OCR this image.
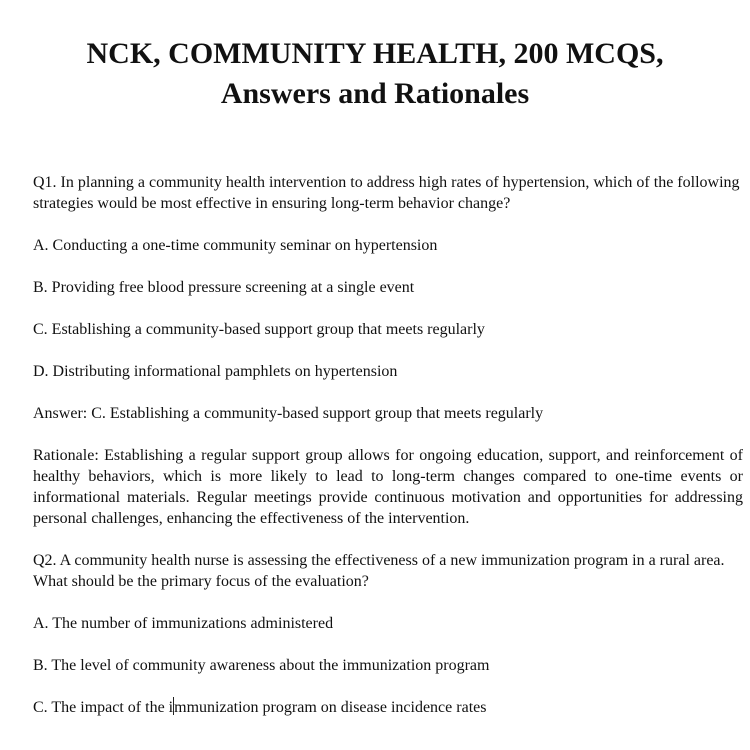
NCK, COMMUNITY HEALTH, 200 MCQS,
Answers and Rationales

Q1. In planning a community health intervention to address high rates of hypertension, which of the following strategies would be most effective in ensuring long-term behavior change?

A. Conducting a one-time community seminar on hypertension

B. Providing free blood pressure screening at a single event

C. Establishing a community-based support group that meets regularly

D. Distributing informational pamphlets on hypertension

Answer: C. Establishing a community-based support group that meets regularly

Rationale: Establishing a regular support group allows for ongoing education, support, and reinforcement of healthy behaviors, which is more likely to lead to long-term changes compared to one-time events or informational materials. Regular meetings provide continuous motivation and opportunities for addressing personal challenges, enhancing the effectiveness of the intervention.

Q2. A community health nurse is assessing the effectiveness of a new immunization program in a rural area. What should be the primary focus of the evaluation?

A. The number of immunizations administered

B. The level of community awareness about the immunization program

C. The impact of the immunization program on disease incidence rates
